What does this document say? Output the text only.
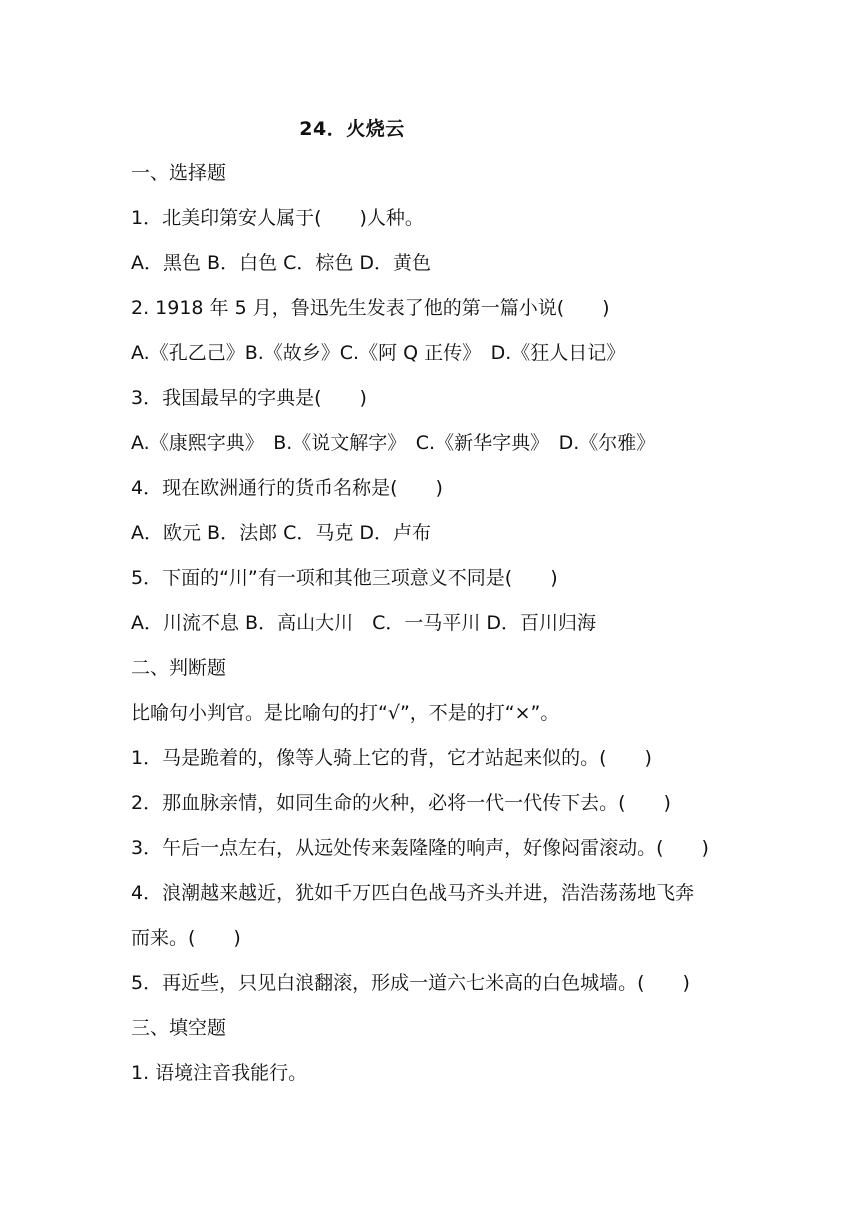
24．火烧云
一、选择题
1．北美印第安人属于(　　)人种。
A．黑色 B．白色 C．棕色 D．黄色
2. 1918 年 5 月，鲁迅先生发表了他的第一篇小说(　　)
A.《孔乙己》B.《故乡》C.《阿 Q 正传》　D.《狂人日记》
3．我国最早的字典是(　　)
A.《康熙字典》　B.《说文解字》　C.《新华字典》　D.《尔雅》
4．现在欧洲通行的货币名称是(　　)
A．欧元 B．法郎 C．马克 D．卢布
5．下面的“川”有一项和其他三项意义不同是(　　)
A．川流不息 B．高山大川　C．一马平川 D．百川归海
二、判断题
比喻句小判官。是比喻句的打“√”，不是的打“×”。
1．马是跪着的，像等人骑上它的背，它才站起来似的。(　　)
2．那血脉亲情，如同生命的火种，必将一代一代传下去。(　　)
3．午后一点左右，从远处传来轰隆隆的响声，好像闷雷滚动。(　　)
4．浪潮越来越近，犹如千万匹白色战马齐头并进，浩浩荡荡地飞奔
而来。(　　)
5．再近些，只见白浪翻滚，形成一道六七米高的白色城墙。(　　)
三、填空题
1. 语境注音我能行。
